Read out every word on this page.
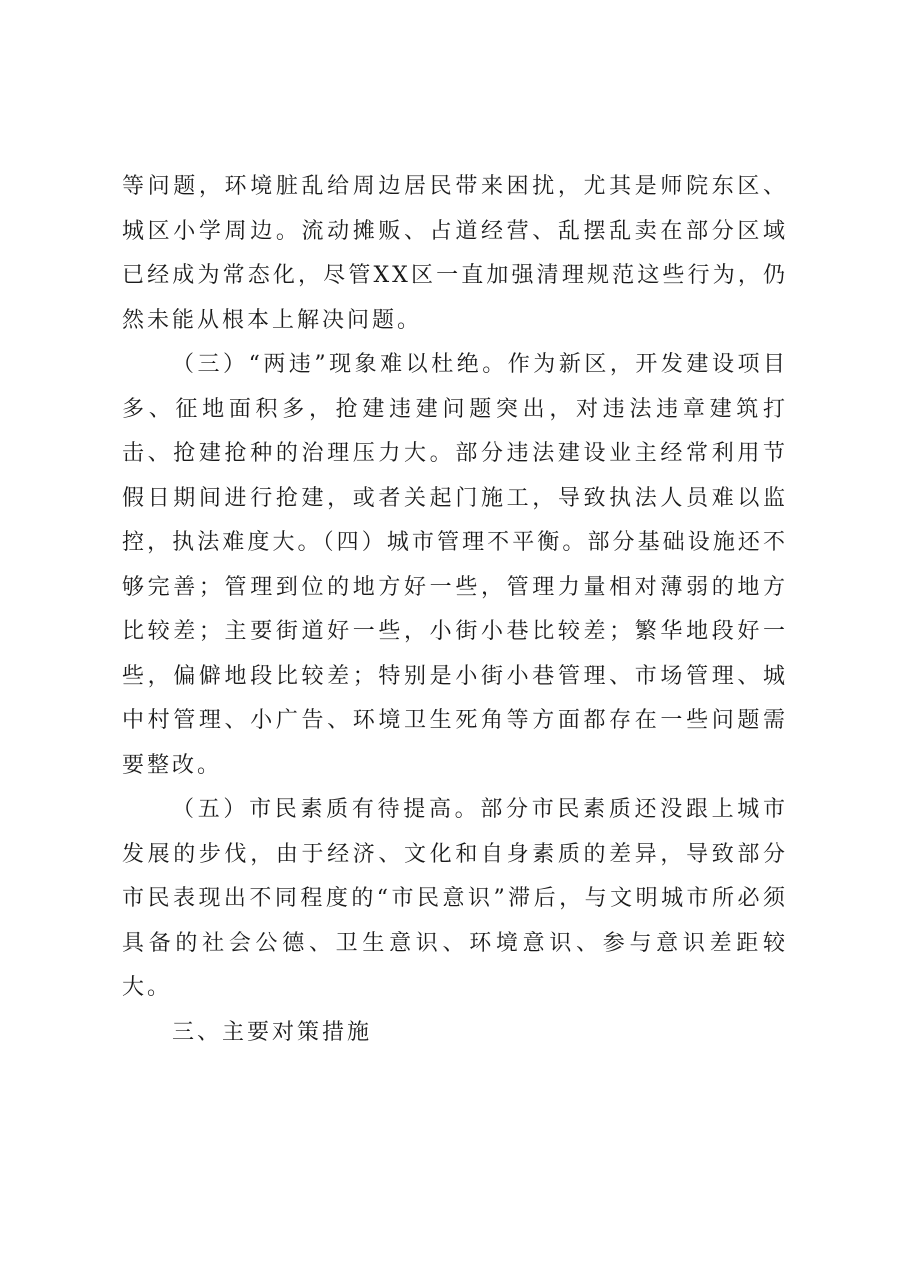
等问题，环境脏乱给周边居民带来困扰，尤其是师院东区、城区小学周边。流动摊贩、占道经营、乱摆乱卖在部分区域已经成为常态化，尽管XX区一直加强清理规范这些行为，仍然未能从根本上解决问题。

（三）“两违”现象难以杜绝。作为新区，开发建设项目多、征地面积多，抢建违建问题突出，对违法违章建筑打击、抢建抢种的治理压力大。部分违法建设业主经常利用节假日期间进行抢建，或者关起门施工，导致执法人员难以监控，执法难度大。（四）城市管理不平衡。部分基础设施还不够完善；管理到位的地方好一些，管理力量相对薄弱的地方比较差；主要街道好一些，小街小巷比较差；繁华地段好一些，偏僻地段比较差；特别是小街小巷管理、市场管理、城中村管理、小广告、环境卫生死角等方面都存在一些问题需要整改。

（五）市民素质有待提高。部分市民素质还没跟上城市发展的步伐，由于经济、文化和自身素质的差异，导致部分市民表现出不同程度的“市民意识”滞后，与文明城市所必须具备的社会公德、卫生意识、环境意识、参与意识差距较大。

三、主要对策措施
